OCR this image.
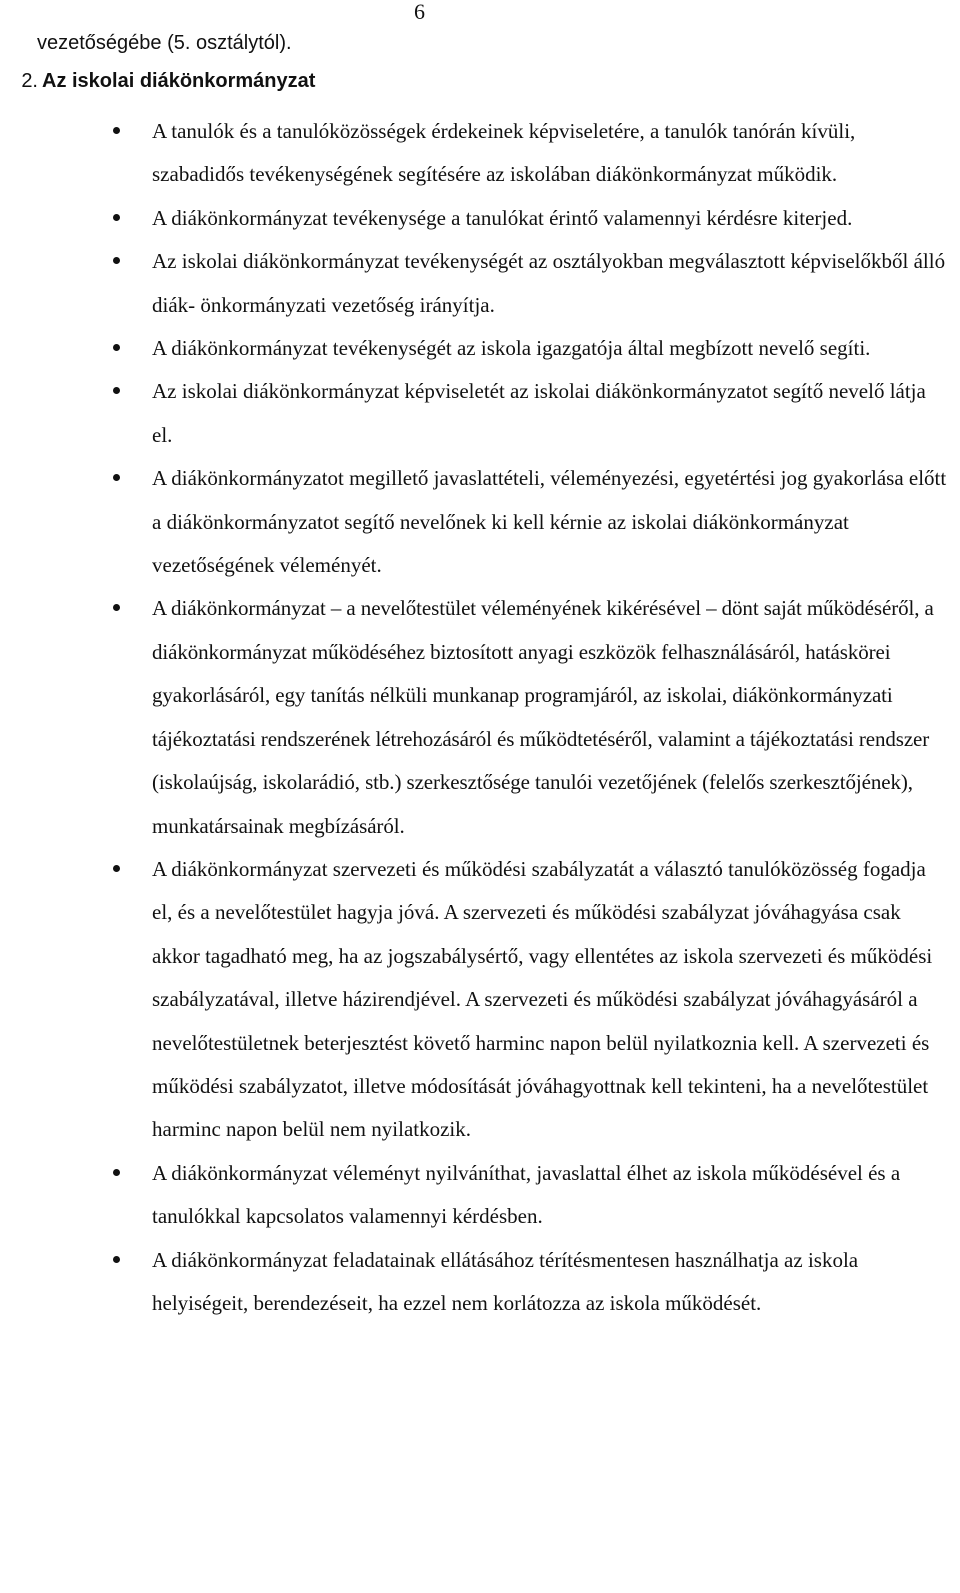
6
vezetőségébe (5. osztálytól).
2. Az iskolai diákönkormányzat
A tanulók és a tanulóközösségek érdekeinek képviseletére, a tanulók tanórán kívüli, szabadidős tevékenységének segítésére az iskolában diákönkormányzat működik.
A diákönkormányzat tevékenysége a tanulókat érintő valamennyi kérdésre kiterjed.
Az iskolai diákönkormányzat tevékenységét az osztályokban megválasztott képviselőkből álló diák- önkormányzati vezetőség irányítja.
A diákönkormányzat tevékenységét az iskola igazgatója által megbízott nevelő segíti.
Az iskolai diákönkormányzat képviseletét az iskolai diákönkormányzatot segítő nevelő látja el.
A diákönkormányzatot megillető javaslattételi, véleményezési, egyetértési jog gyakorlása előtt a diákönkormányzatot segítő nevelőnek ki kell kérnie az iskolai diákönkormányzat vezetőségének véleményét.
A diákönkormányzat – a nevelőtestület véleményének kikérésével – dönt saját működéséről, a diákönkormányzat működéséhez biztosított anyagi eszközök felhasználásáról, hatáskörei gyakorlásáról, egy tanítás nélküli munkanap programjáról, az iskolai, diákönkormányzati tájékoztatási rendszerének létrehozásáról és működtetéséről, valamint a tájékoztatási rendszer (iskolaújság, iskolarádió, stb.) szerkesztősége tanulói vezetőjének (felelős szerkesztőjének), munkatársainak megbízásáról.
A diákönkormányzat szervezeti és működési szabályzatát a választó tanulóközösség fogadja el, és a nevelőtestület hagyja jóvá. A szervezeti és működési szabályzat jóváhagyása csak akkor tagadható meg, ha az jogszabálysértő, vagy ellentétes az iskola szervezeti és működési szabályzatával, illetve házirendjével. A szervezeti és működési szabályzat jóváhagyásáról a nevelőtestületnek beterjesztést követő harminc napon belül nyilatkoznia kell. A szervezeti és működési szabályzatot, illetve módosítását jóváhagyottnak kell tekinteni, ha a nevelőtestület harminc napon belül nem nyilatkozik.
A diákönkormányzat véleményt nyilváníthat, javaslattal élhet az iskola működésével és a tanulókkal kapcsolatos valamennyi kérdésben.
A diákönkormányzat feladatainak ellátásához térítésmentesen használhatja az iskola helyiségeit, berendezéseit, ha ezzel nem korlátozza az iskola működését.
